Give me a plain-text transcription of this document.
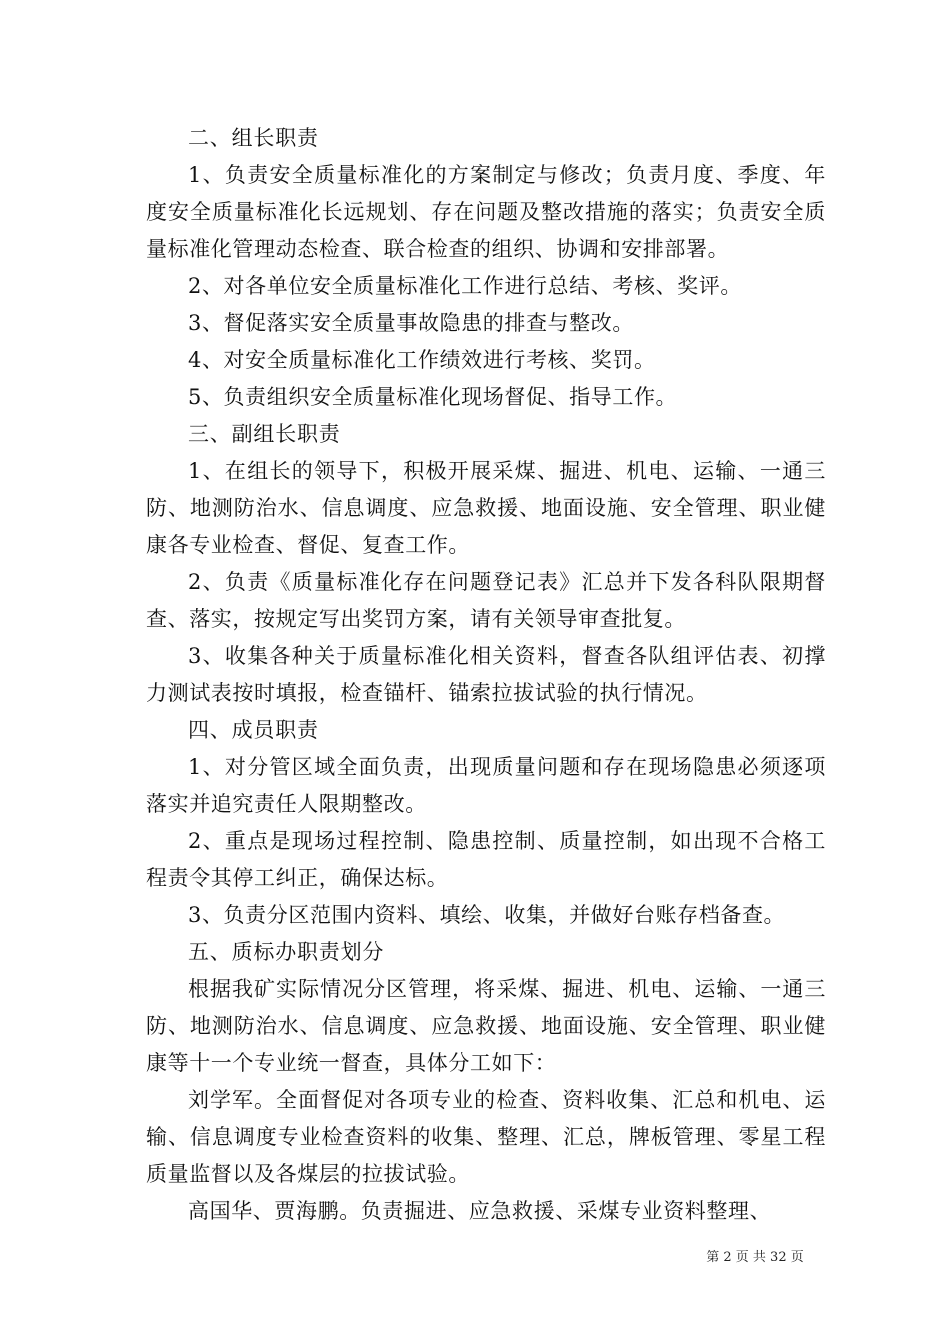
二、组长职责

1、负责安全质量标准化的方案制定与修改；负责月度、季度、年度安全质量标准化长远规划、存在问题及整改措施的落实；负责安全质量标准化管理动态检查、联合检查的组织、协调和安排部署。

2、对各单位安全质量标准化工作进行总结、考核、奖评。

3、督促落实安全质量事故隐患的排查与整改。

4、对安全质量标准化工作绩效进行考核、奖罚。

5、负责组织安全质量标准化现场督促、指导工作。

三、副组长职责

1、在组长的领导下，积极开展采煤、掘进、机电、运输、一通三防、地测防治水、信息调度、应急救援、地面设施、安全管理、职业健康各专业检查、督促、复查工作。

2、负责《质量标准化存在问题登记表》汇总并下发各科队限期督查、落实，按规定写出奖罚方案，请有关领导审查批复。

3、收集各种关于质量标准化相关资料，督查各队组评估表、初撑力测试表按时填报，检查锚杆、锚索拉拔试验的执行情况。

四、成员职责

1、对分管区域全面负责，出现质量问题和存在现场隐患必须逐项落实并追究责任人限期整改。

2、重点是现场过程控制、隐患控制、质量控制，如出现不合格工程责令其停工纠正，确保达标。

3、负责分区范围内资料、填绘、收集，并做好台账存档备查。

五、质标办职责划分

根据我矿实际情况分区管理，将采煤、掘进、机电、运输、一通三防、地测防治水、信息调度、应急救援、地面设施、安全管理、职业健康等十一个专业统一督查，具体分工如下：

刘学军。全面督促对各项专业的检查、资料收集、汇总和机电、运输、信息调度专业检查资料的收集、整理、汇总，牌板管理、零星工程质量监督以及各煤层的拉拔试验。

高国华、贾海鹏。负责掘进、应急救援、采煤专业资料整理、

第 2 页 共 32 页
